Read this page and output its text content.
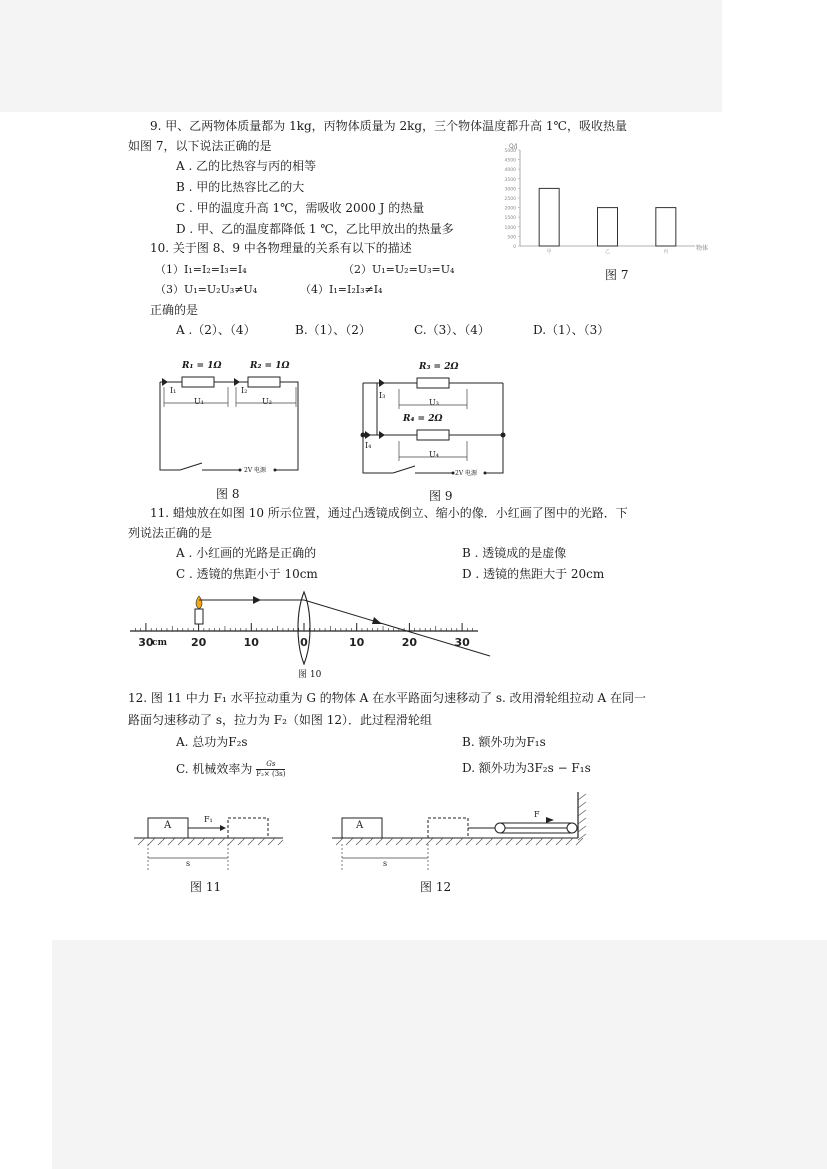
9. 甲、乙两物体质量都为 1kg，丙物体质量为 2kg，三个物体温度都升高 1℃，吸收热量
如图 7，以下说法正确的是
A . 乙的比热容与丙的相等
B . 甲的比热容比乙的大
C . 甲的温度升高 1℃，需吸收 2000 J 的热量
D . 甲、乙的温度都降低 1 ℃，乙比甲放出的热量多
Q/J
物体
0
500
1000
1500
2000
2500
3000
3500
4000
4500
5000
甲	乙	丙
图 7
10. 关于图 8、9 中各物理量的关系有以下的描述
（1）I₁=I₂=I₃=I₄	（2）U₁=U₂=U₃=U₄
（3）U₁=U₂U₃≠U₄	（4）I₁=I₂I₃≠I₄
正确的是
A .（2）、（4）	B.（1）、（2）	C.（3）、（4）	D.（1）、（3）
R₁ = 1Ω	R₂ = 1Ω
I₁	I₂
U₁	U₂
2V 电源
图 8
R₃ = 2Ω
R₄ = 2Ω
I₃
I₄
U₃
U₄
2V 电源
图 9
11. 蜡烛放在如图 10 所示位置，通过凸透镜成倒立、缩小的像．小红画了图中的光路．下
列说法正确的是
A . 小红画的光路是正确的	B . 透镜成的是虚像
C . 透镜的焦距小于 10cm	D . 透镜的焦距大于 20cm
30	20	10	0	10	20	30
cm
图 10
12. 图 11 中力 F₁ 水平拉动重为 G 的物体 A 在水平路面匀速移动了 s. 改用滑轮组拉动 A 在同一
路面匀速移动了 s，拉力为 F₂（如图 12）．此过程滑轮组
A. 总功为F₂s	B. 额外功为F₁s
C. 机械效率为 $\frac{Gs}{\text{F₂× (3s)}}$	D. 额外功为3F₂s − F₁s
A
F₁
s
图 11
A
F
s
图 12
